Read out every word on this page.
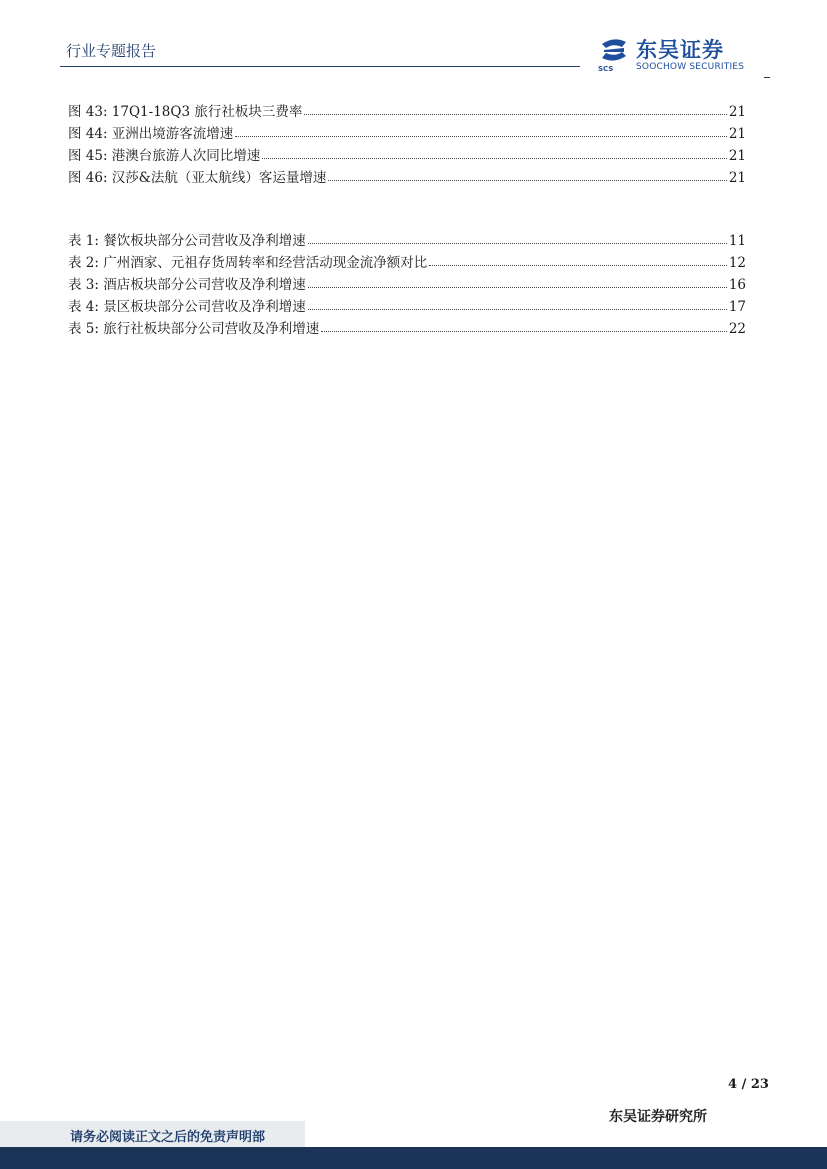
行业专题报告
SCS
东吴证券
SOOCHOW SECURITIES
图 43: 17Q1-18Q3 旅行社板块三费率	21
图 44: 亚洲出境游客流增速	21
图 45: 港澳台旅游人次同比增速	21
图 46: 汉莎&法航（亚太航线）客运量增速	21
表 1: 餐饮板块部分公司营收及净利增速	11
表 2: 广州酒家、元祖存货周转率和经营活动现金流净额对比	12
表 3: 酒店板块部分公司营收及净利增速	16
表 4: 景区板块部分公司营收及净利增速	17
表 5: 旅行社板块部分公司营收及净利增速	22
4 / 23
东吴证券研究所
请务必阅读正文之后的免责声明部
